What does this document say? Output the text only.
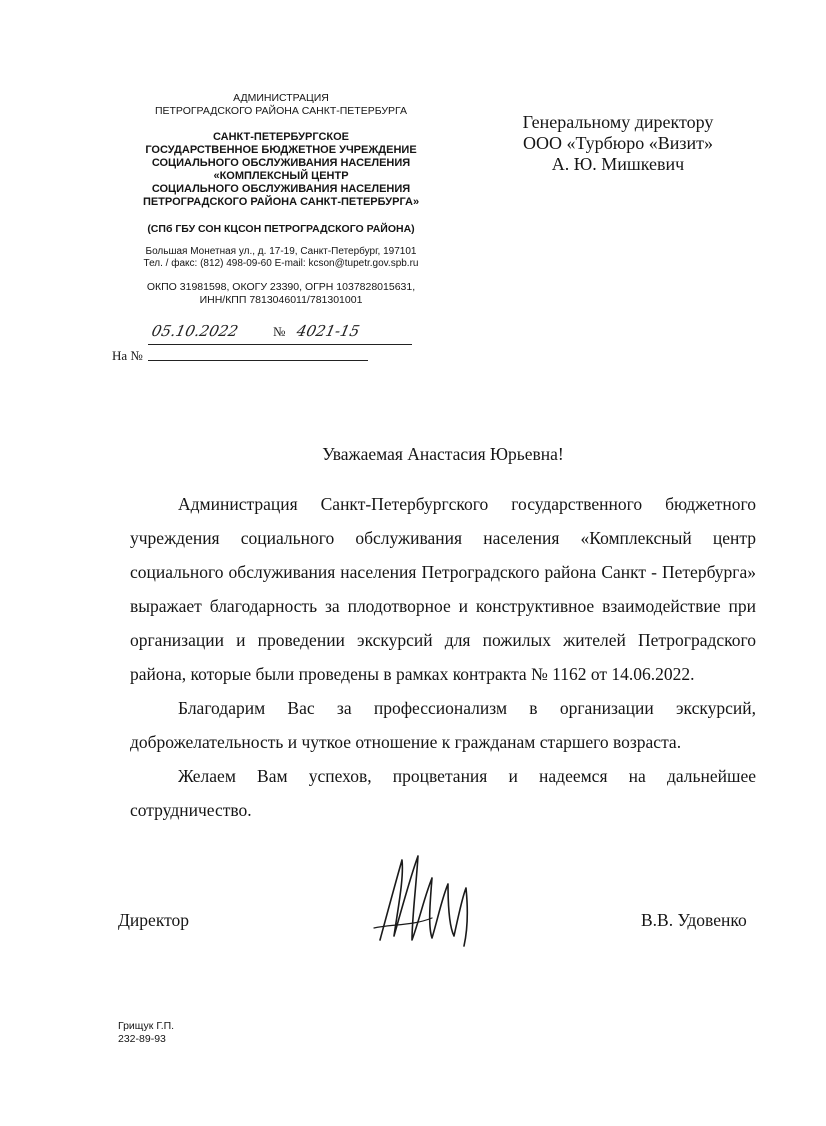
АДМИНИСТРАЦИЯ
ПЕТРОГРАДСКОГО РАЙОНА САНКТ-ПЕТЕРБУРГА
САНКТ-ПЕТЕРБУРГСКОЕ
ГОСУДАРСТВЕННОЕ БЮДЖЕТНОЕ УЧРЕЖДЕНИЕ
СОЦИАЛЬНОГО ОБСЛУЖИВАНИЯ НАСЕЛЕНИЯ
«КОМПЛЕКСНЫЙ ЦЕНТР
СОЦИАЛЬНОГО ОБСЛУЖИВАНИЯ НАСЕЛЕНИЯ
ПЕТРОГРАДСКОГО РАЙОНА САНКТ-ПЕТЕРБУРГА»
(СПб ГБУ СОН КЦСОН ПЕТРОГРАДСКОГО РАЙОНА)
Большая Монетная ул., д. 17-19, Санкт-Петербург, 197101
Тел. / факс: (812) 498-09-60 E-mail: kcson@tupetr.gov.spb.ru
ОКПО 31981598, ОКОГУ 23390, ОГРН 1037828015631,
ИНН/КПП 7813046011/781301001
05.10.2022	№ 4021-15
На №
Генеральному директору
ООО «Турбюро «Визит»
А. Ю. Мишкевич
Уважаемая Анастасия Юрьевна!

Администрация Санкт-Петербургского государственного бюджетного учреждения социального обслуживания населения «Комплексный центр социального обслуживания населения Петроградского района Санкт - Петербурга» выражает благодарность за плодотворное и конструктивное взаимодействие при организации и проведении экскурсий для пожилых жителей Петроградского района, которые были проведены в рамках контракта № 1162 от 14.06.2022.

Благодарим Вас за профессионализм в организации экскурсий, доброжелательность и чуткое отношение к гражданам старшего возраста.

Желаем Вам успехов, процветания и надеемся на дальнейшее сотрудничество.

Директор	В.В. Удовенко
Грищук Г.П.
232-89-93
